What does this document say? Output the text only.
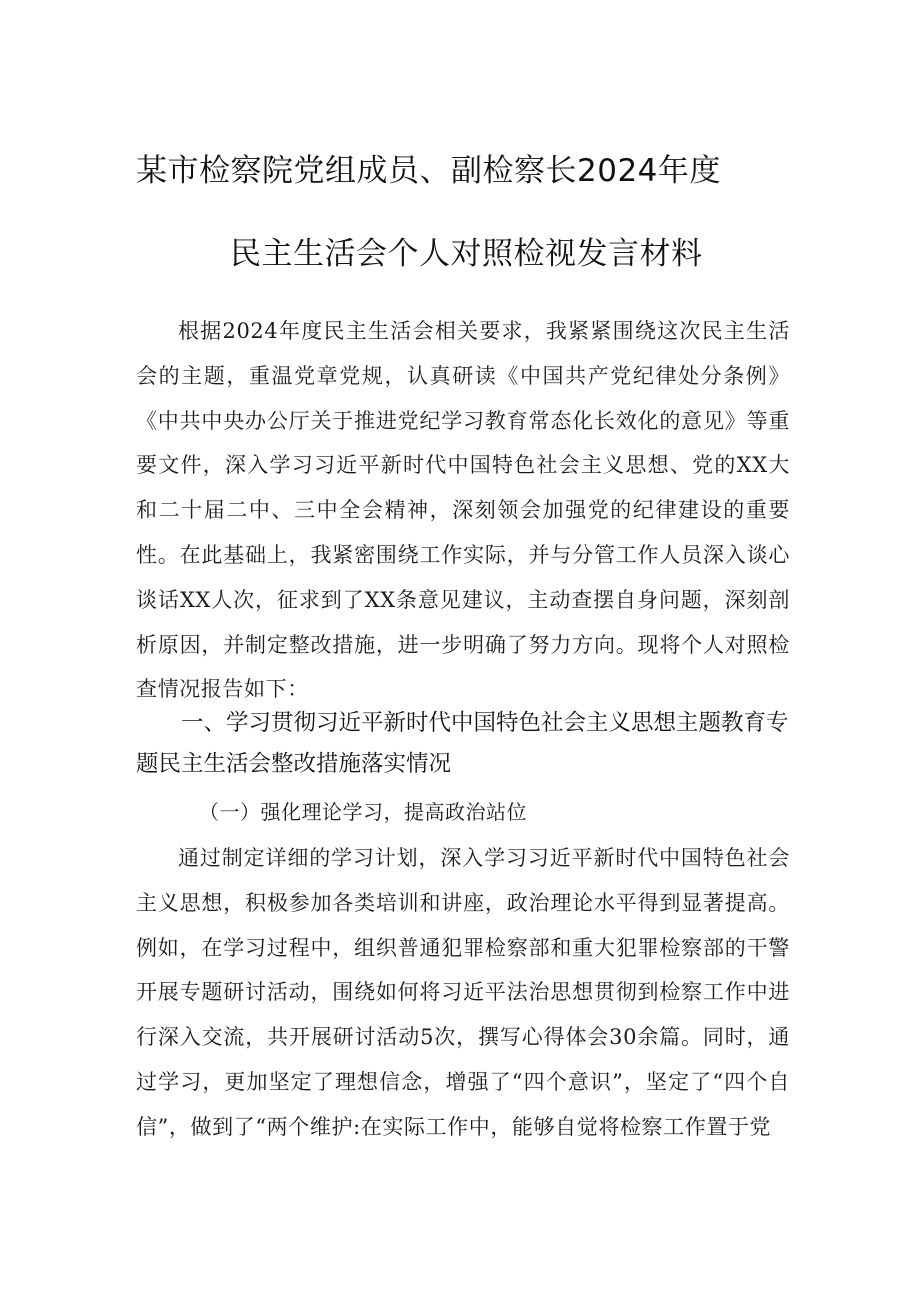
某市检察院党组成员、副检察长2024年度
民主生活会个人对照检视发言材料

根据2024年度民主生活会相关要求，我紧紧围绕这次民主生活会的主题，重温党章党规，认真研读《中国共产党纪律处分条例》《中共中央办公厅关于推进党纪学习教育常态化长效化的意见》等重要文件，深入学习习近平新时代中国特色社会主义思想、党的XX大和二十届二中、三中全会精神，深刻领会加强党的纪律建设的重要性。在此基础上，我紧密围绕工作实际，并与分管工作人员深入谈心谈话XX人次，征求到了XX条意见建议，主动查摆自身问题，深刻剖析原因，并制定整改措施，进一步明确了努力方向。现将个人对照检查情况报告如下：

一、学习贯彻习近平新时代中国特色社会主义思想主题教育专题民主生活会整改措施落实情况

（一）强化理论学习，提高政治站位

通过制定详细的学习计划，深入学习习近平新时代中国特色社会主义思想，积极参加各类培训和讲座，政治理论水平得到显著提高。例如，在学习过程中，组织普通犯罪检察部和重大犯罪检察部的干警开展专题研讨活动，围绕如何将习近平法治思想贯彻到检察工作中进行深入交流，共开展研讨活动5次，撰写心得体会30余篇。同时，通过学习，更加坚定了理想信念，增强了“四个意识”，坚定了“四个自信”，做到了“两个维护:在实际工作中，能够自觉将检察工作置于党
